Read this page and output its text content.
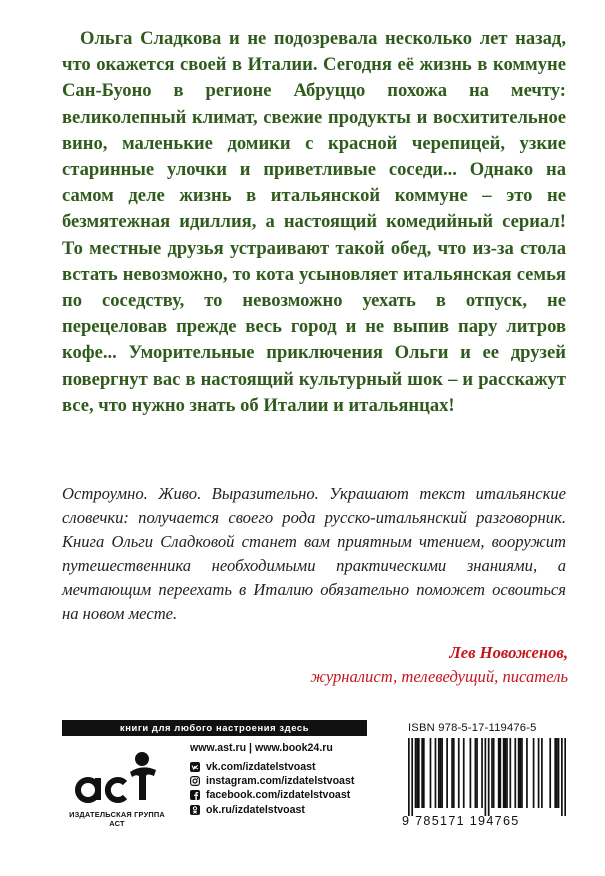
Ольга Сладкова и не подозревала несколько лет назад, что окажется своей в Италии. Сегодня её жизнь в коммуне Сан-Буоно в регионе Абруццо похожа на мечту: великолепный климат, свежие продукты и восхитительное вино, маленькие домики с красной черепицей, узкие старинные улочки и приветливые соседи... Однако на самом деле жизнь в итальянской коммуне – это не безмятежная идиллия, а настоящий комедийный сериал! То местные друзья устраивают такой обед, что из-за стола встать невозможно, то кота усыновляет итальянская семья по соседству, то невозможно уехать в отпуск, не перецеловав прежде весь город и не выпив пару литров кофе... Уморительные приключения Ольги и ее друзей повергнут вас в настоящий культурный шок – и расскажут все, что нужно знать об Италии и итальянцах!

Остроумно. Живо. Выразительно. Украшают текст итальянские словечки: получается своего рода русско-итальянский разговорник. Книга Ольги Сладковой станет вам приятным чтением, вооружит путешественника необходимыми практическими знаниями, а мечтающим переехать в Италию обязательно поможет освоиться на новом месте.

Лев Новоженов,
журналист, телеведущий, писатель
книги для любого настроения здесь
ИЗДАТЕЛЬСКАЯ ГРУППА АСТ
www.ast.ru | www.book24.ru
vk.com/izdatelstvoast
instagram.com/izdatelstvoast
facebook.com/izdatelstvoast
ok.ru/izdatelstvoast
ISBN 978-5-17-119476-5
9 785171 194765
